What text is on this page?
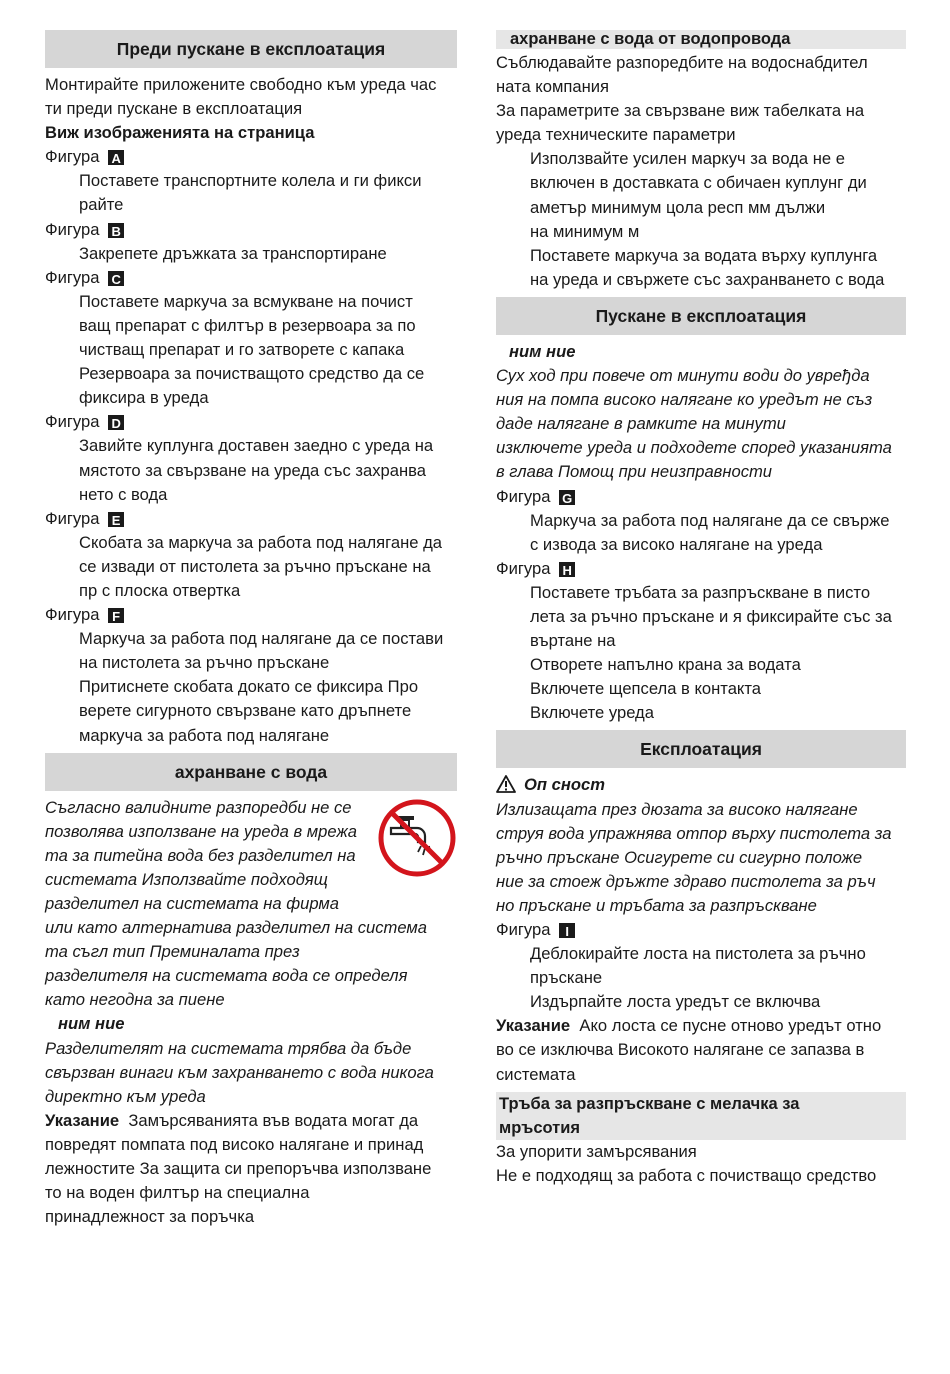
Преди пускане в експлоатация

Монтирайте приложените свободно към уреда час

ти преди пускане в експлоатация

Виж изображенията на страница

Фигура A

Поставете транспортните колела и ги фикси

райте

Фигура B

Закрепете дръжката за транспортиране

Фигура C

Поставете маркуча за всмукване на почист

ващ препарат с филтър в резервоара за по

чистващ препарат и го затворете с капака

Резервоара за почистващото средство да се

фиксира в уреда

Фигура D

Завийте куплунга доставен заедно с уреда на

мястото за свързване на уреда със захранва

нето с вода

Фигура E

Скобата за маркуча за работа под налягане да

се извади от пистолета за ръчно пръскане на

пр с плоска отвертка

Фигура F

Маркуча за работа под налягане да се постави

на пистолета за ръчно пръскане

Притиснете скобата докато се фиксира Про

верете сигурното свързване като дръпнете

маркуча за работа под налягане

ахранване с вода

Съгласно валидните разпоредби не се

позволява използване на уреда в мрежа

та за питейна вода без разделител на

системата Използвайте подходящ

разделител на системата на фирма

или като алтернатива разделител на система

та съгл тип Преминалата през

разделителя на системата вода се определя

като негодна за пиене

ним ние

Разделителят на системата трябва да бъде

свързван винаги към захранването с вода никога

директно към уреда

Указание Замърсяванията във водата могат да

повредят помпата под високо налягане и принад

лежностите За защита си препоръчва използване

то на воден филтър на специална

принадлежност за поръчка

ахранване с вода от водопровода

Съблюдавайте разпоредбите на водоснабдител

ната компания

За параметрите за свързване виж табелката на

уреда техническите параметри

Използвайте усилен маркуч за вода не е

включен в доставката с обичаен куплунг ди

аметър минимум цола респ мм дължи

на минимум м

Поставете маркуча за водата върху куплунга

на уреда и свържете със захранването с вода

Пускане в експлоатация

ним ние

Сух ход при повече от минути води до увређда

ния на помпа високо налягане ко уредът не съз

даде налягане в рамките на минути

изключете уреда и подходете според указанията

в глава Помощ при неизправности

Фигура G

Маркуча за работа под налягане да се свърже

с извода за високо налягане на уреда

Фигура H

Поставете тръбата за разпръскване в писто

лета за ръчно пръскане и я фиксирайте със за

въртане на

Отворете напълно крана за водата

Включете щепсела в контакта

Включете уреда

Експлоатация

Оп сност

Излизащата през дюзата за високо налягане

струя вода упражнява отпор върху пистолета за

ръчно пръскане Осигурете си сигурно положе

ние за стоеж дръжте здраво пистолета за ръч

но пръскане и тръбата за разпръскване

Фигура I

Деблокирайте лоста на пистолета за ръчно

пръскане

Издърпайте лоста уредът се включва

Указание Ако лоста се пусне отново уредът отно

во се изключва Високото налягане се запазва в

системата

Тръба за разпръскване с мелачка за
мръсотия

За упорити замърсявания

Не е подходящ за работа с почистващо средство
